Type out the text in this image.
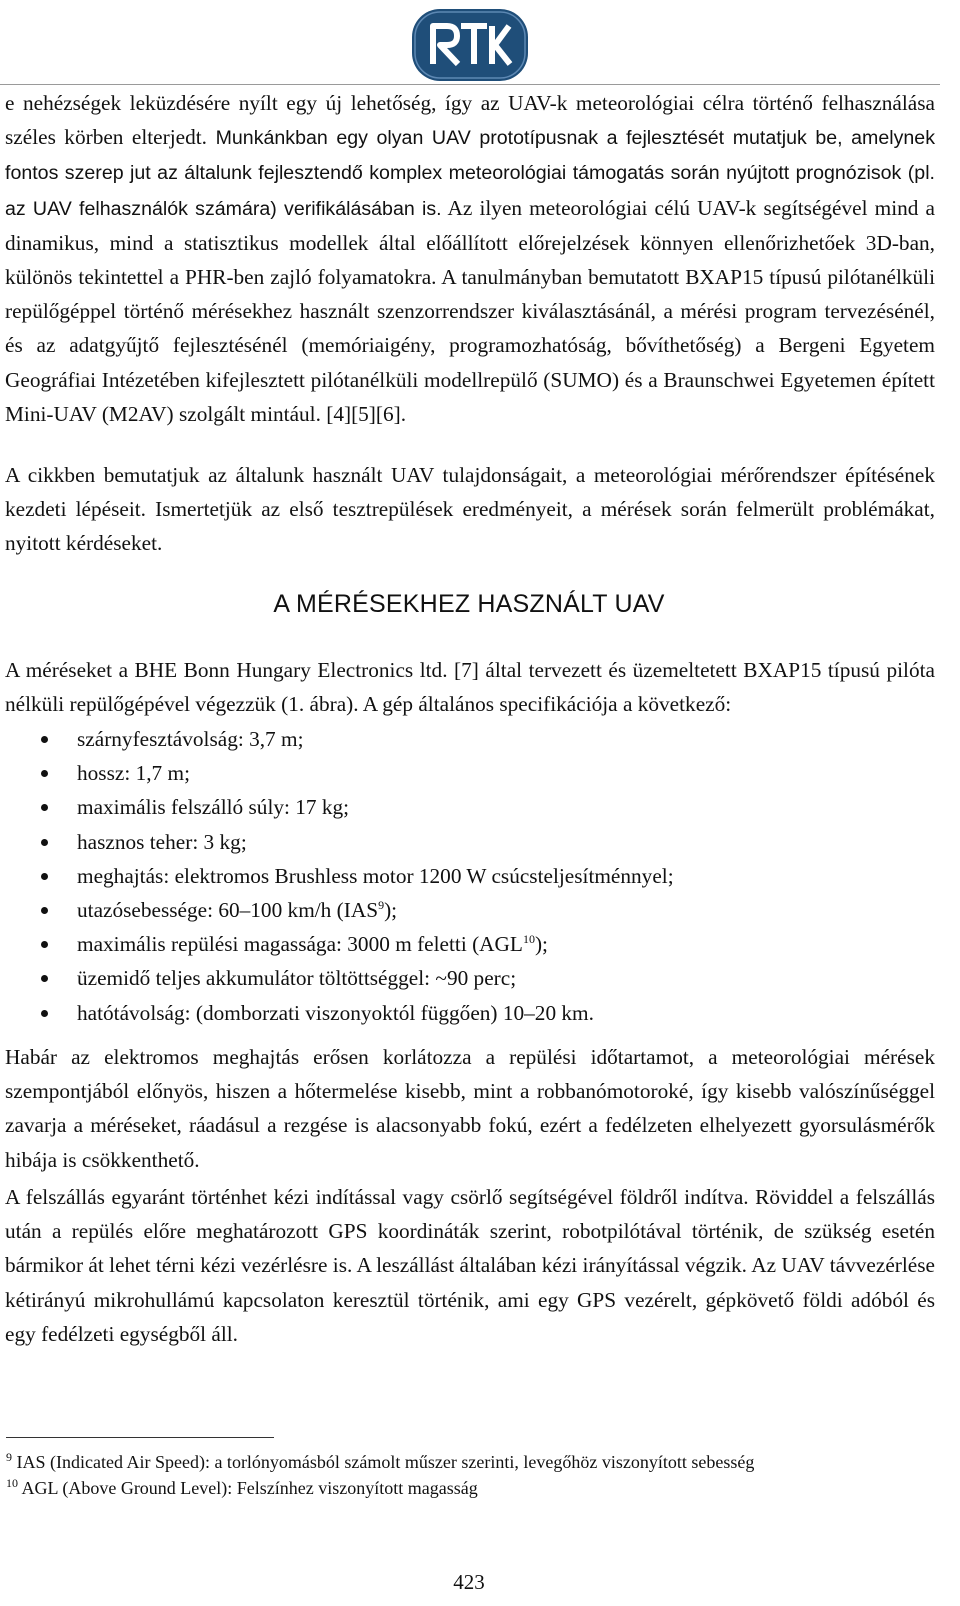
e nehézségek leküzdésére nyílt egy új lehetőség, így az UAV-k meteorológiai célra történő felhasználása széles körben elterjedt. Munkánkban egy olyan UAV prototípusnak a fejlesztését mutatjuk be, amelynek fontos szerep jut az általunk fejlesztendő komplex meteorológiai támogatás során nyújtott prognózisok (pl. az UAV felhasználók számára) verifikálásában is. Az ilyen meteorológiai célú UAV-k segítségével mind a dinamikus, mind a statisztikus modellek által előállított előrejelzések könnyen ellenőrizhetőek 3D-ban, különös tekintettel a PHR-ben zajló folyamatokra. A tanulmányban bemutatott BXAP15 típusú pilótanélküli repülőgéppel történő mérésekhez használt szenzorrendszer kiválasztásánál, a mérési program tervezésénél, és az adatgyűjtő fejlesztésénél (memóriaigény, programozhatóság, bővíthetőség) a Bergeni Egyetem Geográfiai Intézetében kifejlesztett pilótanélküli modellrepülő (SUMO) és a Braunschwei Egyetemen épített Mini-UAV (M2AV) szolgált mintául. [4][5][6].

A cikkben bemutatjuk az általunk használt UAV tulajdonságait, a meteorológiai mérőrendszer építésének kezdeti lépéseit. Ismertetjük az első tesztrepülések eredményeit, a mérések során felmerült problémákat, nyitott kérdéseket.

A MÉRÉSEKHEZ HASZNÁLT UAV

A méréseket a BHE Bonn Hungary Electronics ltd. [7] által tervezett és üzemeltetett BXAP15 típusú pilóta nélküli repülőgépével végezzük (1. ábra). A gép általános specifikációja a következő:

szárnyfesztávolság: 3,7 m;
hossz: 1,7 m;
maximális felszálló súly: 17 kg;
hasznos teher: 3 kg;
meghajtás: elektromos Brushless motor 1200 W csúcsteljesítménnyel;
utazósebessége: 60–100 km/h (IAS$^9$);
maximális repülési magassága: 3000 m feletti (AGL$^{10}$);
üzemidő teljes akkumulátor töltöttséggel: ~90 perc;
hatótávolság: (domborzati viszonyoktól függően) 10–20 km.

Habár az elektromos meghajtás erősen korlátozza a repülési időtartamot, a meteorológiai mérések szempontjából előnyös, hiszen a hőtermelése kisebb, mint a robbanómotoroké, így kisebb valószínűséggel zavarja a méréseket, ráadásul a rezgése is alacsonyabb fokú, ezért a fedélzeten elhelyezett gyorsulásmérők hibája is csökkenthető.

A felszállás egyaránt történhet kézi indítással vagy csörlő segítségével földről indítva. Röviddel a felszállás után a repülés előre meghatározott GPS koordináták szerint, robotpilótával történik, de szükség esetén bármikor át lehet térni kézi vezérlésre is. A leszállást általában kézi irányítással végzik. Az UAV távvezérlése kétirányú mikrohullámú kapcsolaton keresztül történik, ami egy GPS vezérelt, gépkövető földi adóból és egy fedélzeti egységből áll.

$^9$ IAS (Indicated Air Speed): a torlónyomásból számolt műszer szerinti, levegőhöz viszonyított sebesség

$^{10}$ AGL (Above Ground Level): Felszínhez viszonyított magasság

423
